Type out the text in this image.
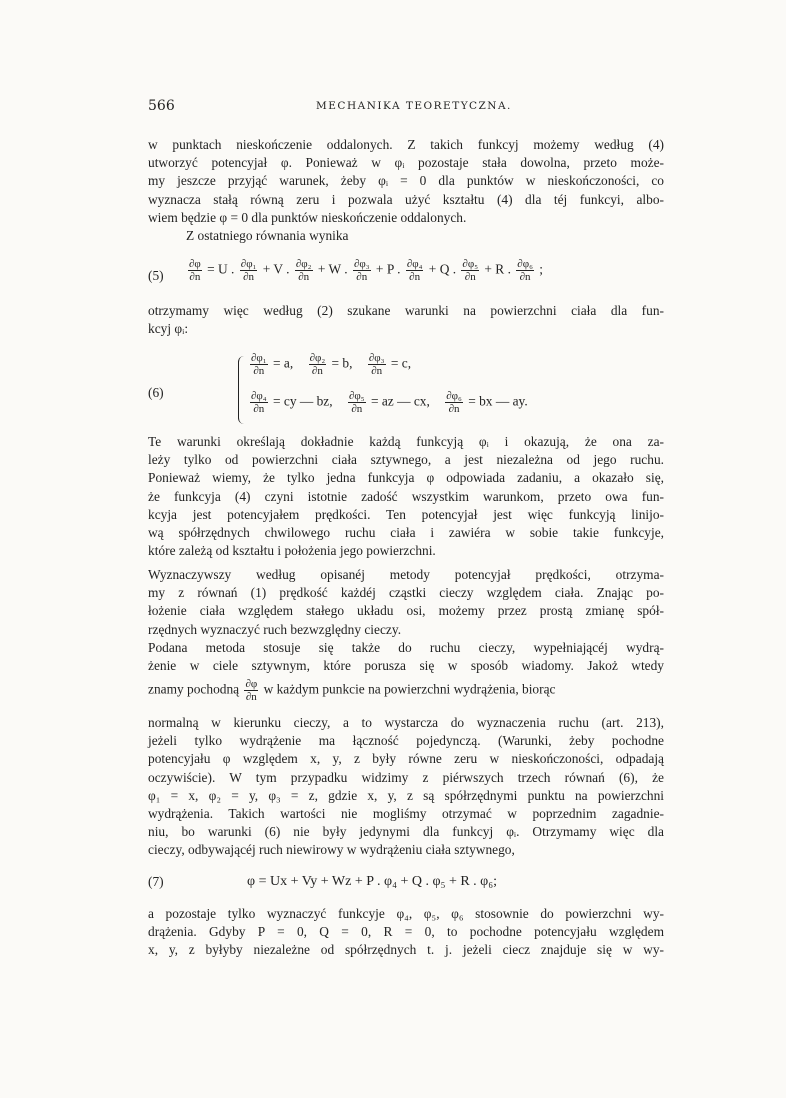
566	MECHANIKA TEORETYCZNA.
w punktach nieskończenie oddalonych. Z takich funkcyj możemy według (4)
utworzyć potencyjał φ. Ponieważ w φᵢ pozostaje stała dowolna, przeto może-
my jeszcze przyjąć warunek, żeby φᵢ = 0 dla punktów w nieskończoności, co
wyznacza stałą równą zeru i pozwala użyć kształtu (4) dla téj funkcyi, albo-
wiem będzie φ = 0 dla punktów nieskończenie oddalonych.
Z ostatniego równania wynika
$(5) \frac{\partial\varphi}{\partial n} = U$ . $\frac{\text{∂φ₁}}{\partial n} + V$ . $\frac{\text{∂φ₂}}{\partial n} + W$ . $\frac{\text{∂φ₃}}{\partial n} + P$ . $\frac{\text{∂φ₄}}{\partial n} + Q$ . $\frac{\text{∂φ₅}}{\partial n} + R$ . $\frac{\text{∂φ₆}}{\partial n}$ ;
otrzymamy więc według (2) szukane warunki na powierzchni ciała dla fun-
kcyj φᵢ:
(6)
$\frac{\text{∂φ₁}}{\partial n} = a$,  $\frac{\text{∂φ₂}}{\partial n} = b$,  $\frac{\text{∂φ₃}}{\partial n} = c$,
$\frac{\text{∂φ₄}}{\partial n}$ = cy — bz,  $\frac{\text{∂φ₅}}{\partial n}$ = az — cx,  $\frac{\text{∂φ₆}}{\partial n}$ = bx — ay.
Te warunki określają dokładnie każdą funkcyją φᵢ i okazują, że ona za-
leży tylko od powierzchni ciała sztywnego, a jest niezależna od jego ruchu.
Ponieważ wiemy, że tylko jedna funkcyja φ odpowiada zadaniu, a okazało się,
że funkcyja (4) czyni istotnie zadość wszystkim warunkom, przeto owa fun-
kcyja jest potencyjałem prędkości. Ten potencyjał jest więc funkcyją linijo-
wą spółrzędnych chwilowego ruchu ciała i zawiéra w sobie takie funkcyje,
które zależą od kształtu i położenia jego powierzchni.
Wyznaczywszy według opisanéj metody potencyjał prędkości, otrzyma-
my z równań (1) prędkość każdéj cząstki cieczy względem ciała. Znając po-
łożenie ciała względem stałego układu osi, możemy przez prostą zmianę spół-
rzędnych wyznaczyć ruch bezwzględny cieczy.
Podana metoda stosuje się także do ruchu cieczy, wypełniającéj wydrą-
żenie w ciele sztywnym, które porusza się w sposób wiadomy. Jakoż wtedy
znamy pochodną $\frac{\partial\varphi}{\partial n}$ w każdym punkcie na powierzchni wydrążenia, biorąc
normalną w kierunku cieczy, a to wystarcza do wyznaczenia ruchu (art. 213),
jeżeli tylko wydrążenie ma łączność pojedynczą. (Warunki, żeby pochodne
potencyjału φ względem x, y, z były równe zeru w nieskończoności, odpadają
oczywiście). W tym przypadku widzimy z piérwszych trzech równań (6), że
φ₁ = x, φ₂ = y, φ₃ = z, gdzie x, y, z są spółrzędnymi punktu na powierzchni
wydrążenia. Takich wartości nie mogliśmy otrzymać w poprzednim zagadnie-
niu, bo warunki (6) nie były jedynymi dla funkcyj φᵢ. Otrzymamy więc dla
cieczy, odbywającéj ruch niewirowy w wydrążeniu ciała sztywnego,
(7)	φ = Ux + Vy + Wz + P . φ₄ + Q . φ₅ + R . φ₆;
a pozostaje tylko wyznaczyć funkcyje φ₄, φ₅, φ₆ stosownie do powierzchni wy-
drążenia. Gdyby P = 0, Q = 0, R = 0, to pochodne potencyjału względem
x, y, z byłyby niezależne od spółrzędnych t. j. jeżeli ciecz znajduje się w wy-
